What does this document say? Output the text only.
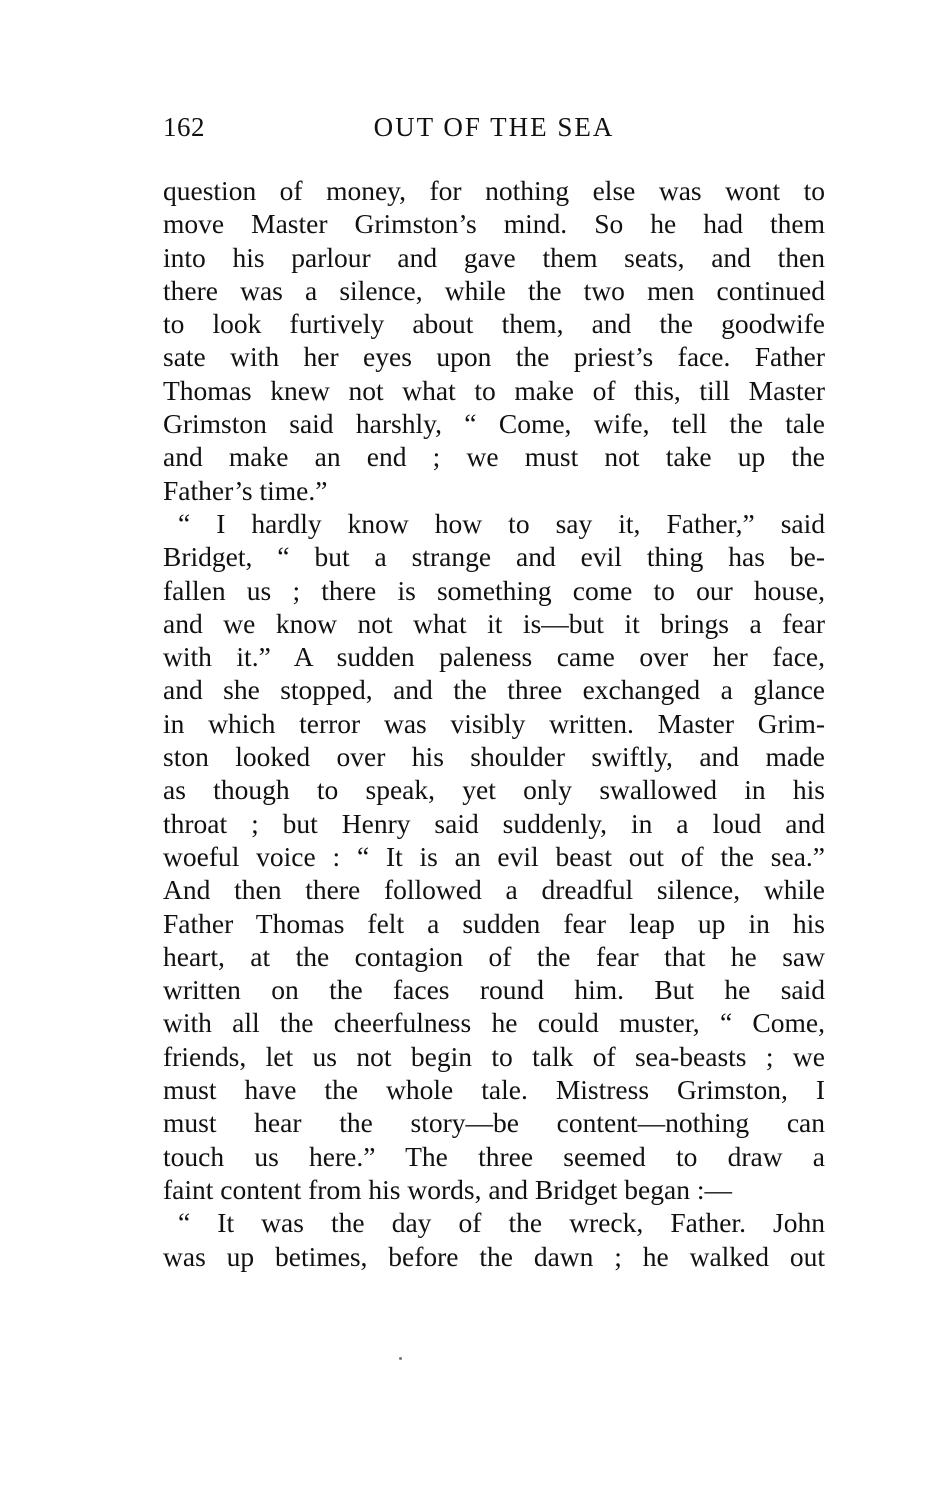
162	OUT OF THE SEA
question of money, for nothing else was wont to
move Master Grimston’s mind. So he had them
into his parlour and gave them seats, and then
there was a silence, while the two men continued
to look furtively about them, and the goodwife
sate with her eyes upon the priest’s face. Father
Thomas knew not what to make of this, till Master
Grimston said harshly, “ Come, wife, tell the tale
and make an end ; we must not take up the
Father’s time.”
“ I hardly know how to say it, Father,” said
Bridget, “ but a strange and evil thing has be-
fallen us ; there is something come to our house,
and we know not what it is—but it brings a fear
with it.” A sudden paleness came over her face,
and she stopped, and the three exchanged a glance
in which terror was visibly written. Master Grim-
ston looked over his shoulder swiftly, and made
as though to speak, yet only swallowed in his
throat ; but Henry said suddenly, in a loud and
woeful voice : “ It is an evil beast out of the sea.”
And then there followed a dreadful silence, while
Father Thomas felt a sudden fear leap up in his
heart, at the contagion of the fear that he saw
written on the faces round him. But he said
with all the cheerfulness he could muster, “ Come,
friends, let us not begin to talk of sea-beasts ; we
must have the whole tale. Mistress Grimston, I
must hear the story—be content—nothing can
touch us here.” The three seemed to draw a
faint content from his words, and Bridget began :—
“ It was the day of the wreck, Father. John
was up betimes, before the dawn ; he walked out
